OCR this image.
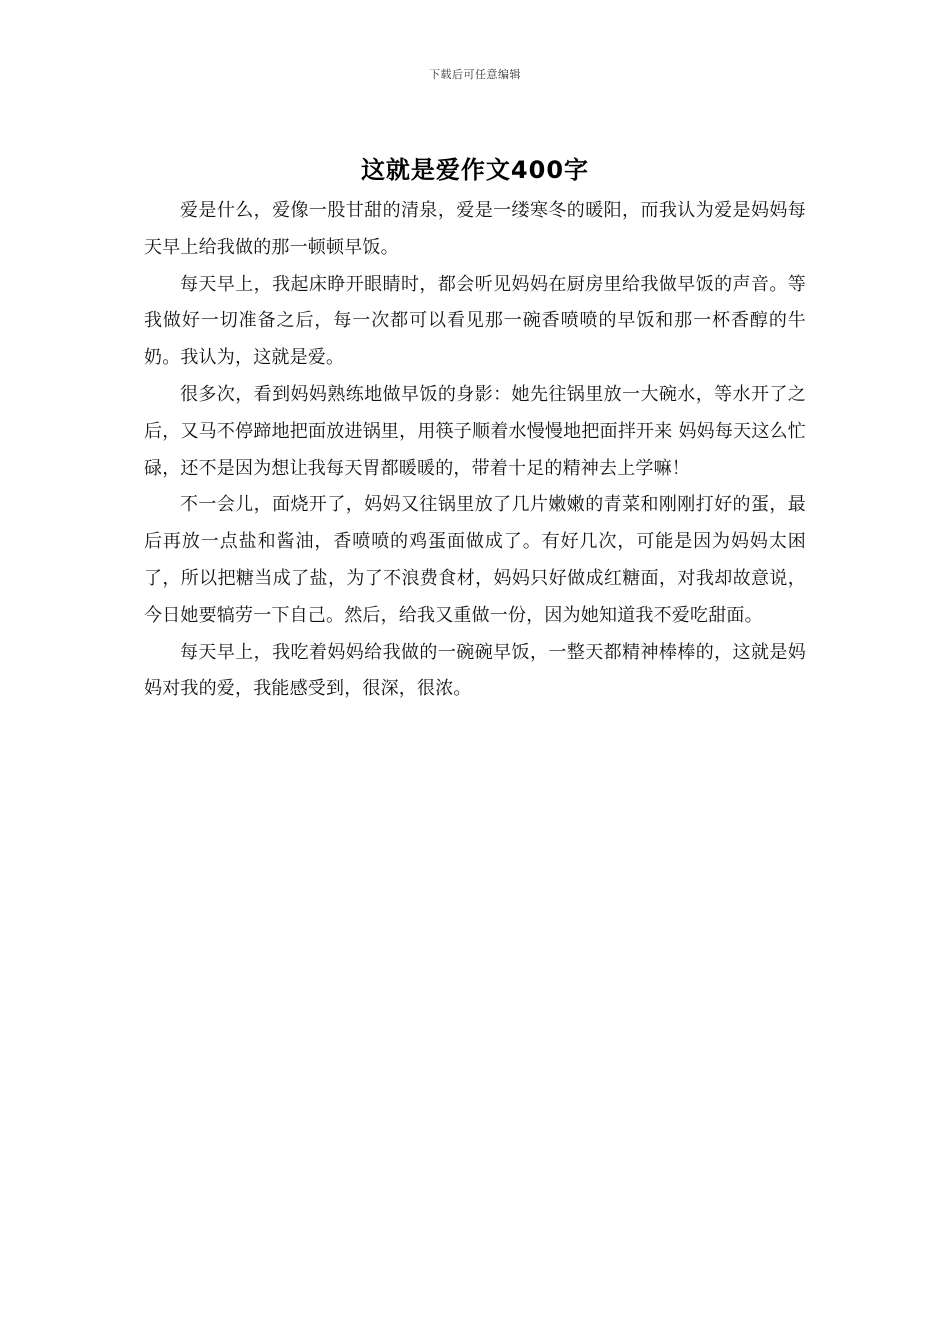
下载后可任意编辑
这就是爱作文400字

爱是什么，爱像一股甘甜的清泉，爱是一缕寒冬的暖阳，而我认为爱是妈妈每天早上给我做的那一顿顿早饭。

每天早上，我起床睁开眼睛时，都会听见妈妈在厨房里给我做早饭的声音。等我做好一切准备之后，每一次都可以看见那一碗香喷喷的早饭和那一杯香醇的牛奶。我认为，这就是爱。

很多次，看到妈妈熟练地做早饭的身影：她先往锅里放一大碗水，等水开了之后，又马不停蹄地把面放进锅里，用筷子顺着水慢慢地把面拌开来 妈妈每天这么忙碌，还不是因为想让我每天胃都暖暖的，带着十足的精神去上学嘛！

不一会儿，面烧开了，妈妈又往锅里放了几片嫩嫩的青菜和刚刚打好的蛋，最后再放一点盐和酱油，香喷喷的鸡蛋面做成了。有好几次，可能是因为妈妈太困了，所以把糖当成了盐，为了不浪费食材，妈妈只好做成红糖面，对我却故意说，今日她要犒劳一下自己。然后，给我又重做一份，因为她知道我不爱吃甜面。

每天早上，我吃着妈妈给我做的一碗碗早饭，一整天都精神棒棒的，这就是妈妈对我的爱，我能感受到，很深，很浓。
